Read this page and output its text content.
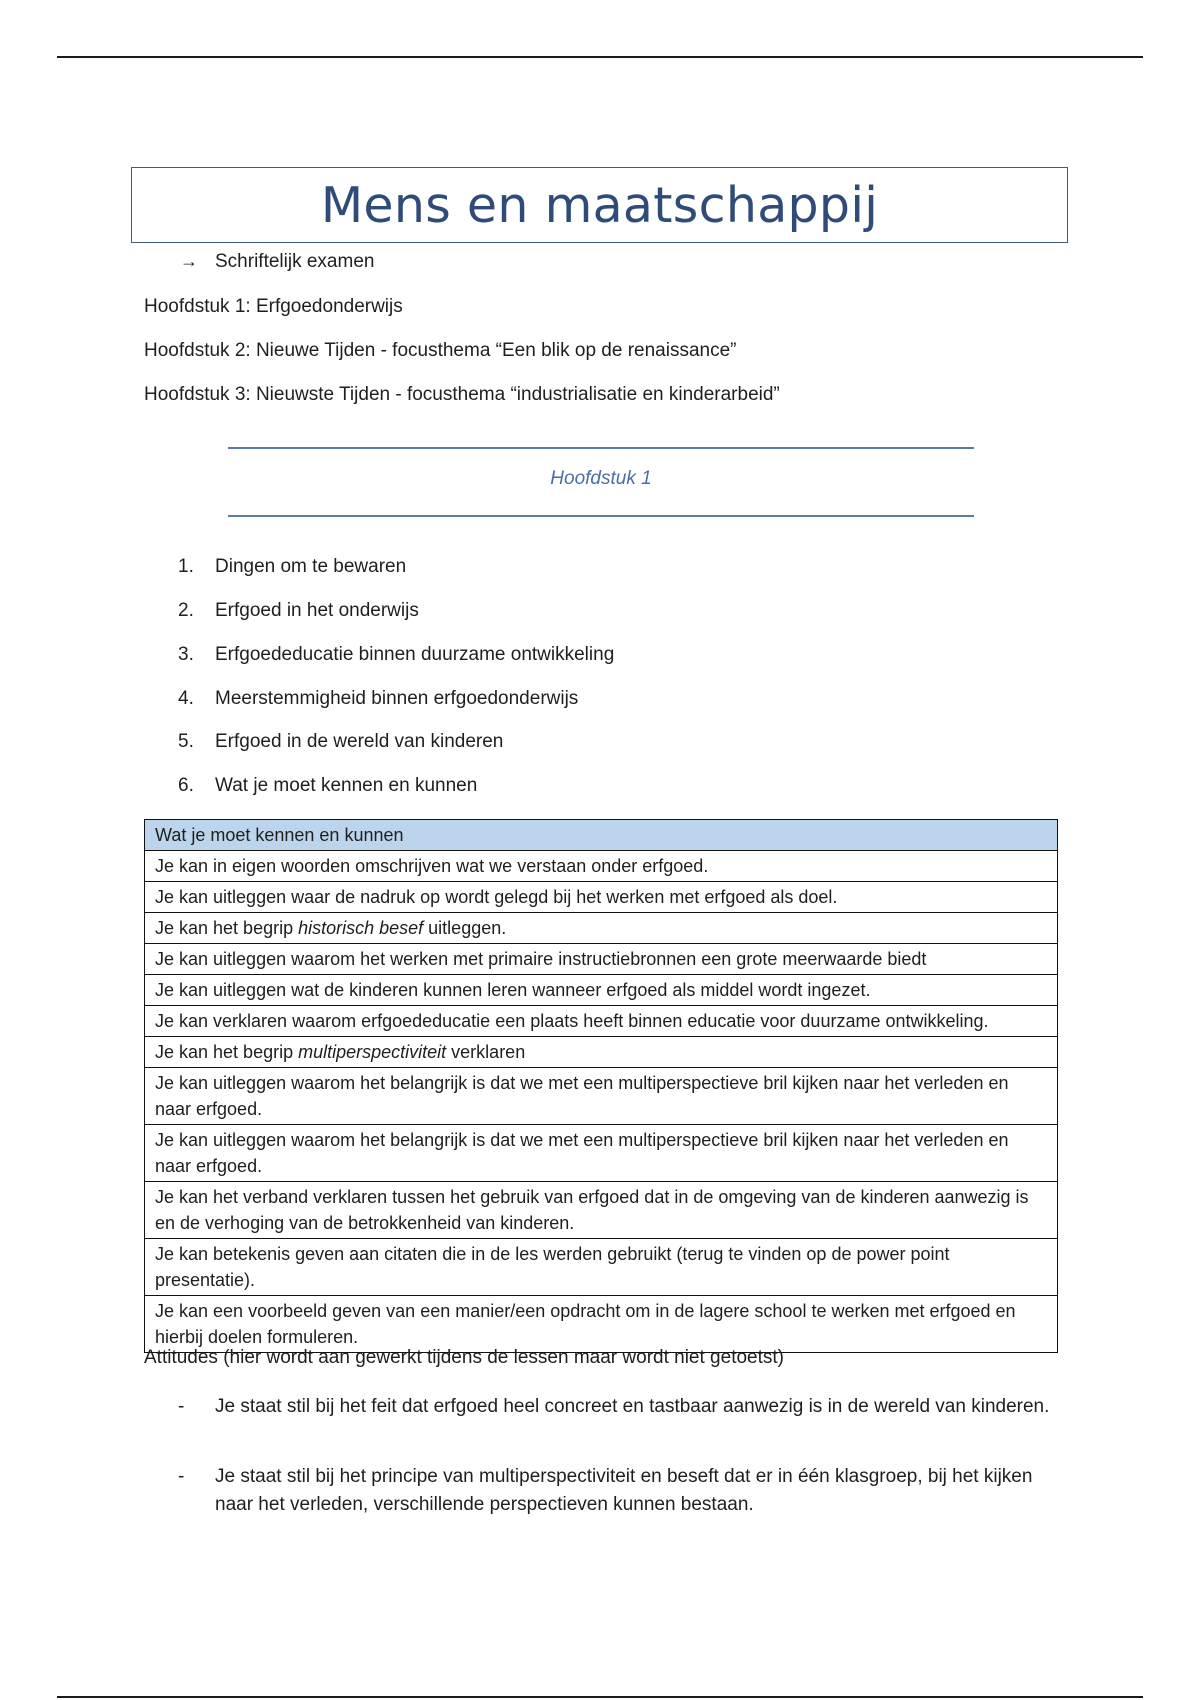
Mens en maatschappij
→ Schriftelijk examen
Hoofdstuk 1: Erfgoedonderwijs
Hoofdstuk 2: Nieuwe Tijden - focusthema “Een blik op de renaissance”
Hoofdstuk 3: Nieuwste Tijden - focusthema “industrialisatie en kinderarbeid”
Hoofdstuk 1
1. Dingen om te bewaren
2. Erfgoed in het onderwijs
3. Erfgoededucatie binnen duurzame ontwikkeling
4. Meerstemmigheid binnen erfgoedonderwijs
5. Erfgoed in de wereld van kinderen
6. Wat je moet kennen en kunnen
Wat je moet kennen en kunnen
Je kan in eigen woorden omschrijven wat we verstaan onder erfgoed.
Je kan uitleggen waar de nadruk op wordt gelegd bij het werken met erfgoed als doel.
Je kan het begrip historisch besef uitleggen.
Je kan uitleggen waarom het werken met primaire instructiebronnen een grote meerwaarde biedt
Je kan uitleggen wat de kinderen kunnen leren wanneer erfgoed als middel wordt ingezet.
Je kan verklaren waarom erfgoededucatie een plaats heeft binnen educatie voor duurzame ontwikkeling.
Je kan het begrip multiperspectiviteit verklaren
Je kan uitleggen waarom het belangrijk is dat we met een multiperspectieve bril kijken naar het verleden en naar erfgoed.
Je kan uitleggen waarom het belangrijk is dat we met een multiperspectieve bril kijken naar het verleden en naar erfgoed.
Je kan het verband verklaren tussen het gebruik van erfgoed dat in de omgeving van de kinderen aanwezig is en de verhoging van de betrokkenheid van kinderen.
Je kan betekenis geven aan citaten die in de les werden gebruikt (terug te vinden op de power point presentatie).
Je kan een voorbeeld geven van een manier/een opdracht om in de lagere school te werken met erfgoed en hierbij doelen formuleren.
Attitudes (hier wordt aan gewerkt tijdens de lessen maar wordt niet getoetst)
- Je staat stil bij het feit dat erfgoed heel concreet en tastbaar aanwezig is in de wereld van kinderen.
- Je staat stil bij het principe van multiperspectiviteit en beseft dat er in één klasgroep, bij het kijken naar het verleden, verschillende perspectieven kunnen bestaan.
